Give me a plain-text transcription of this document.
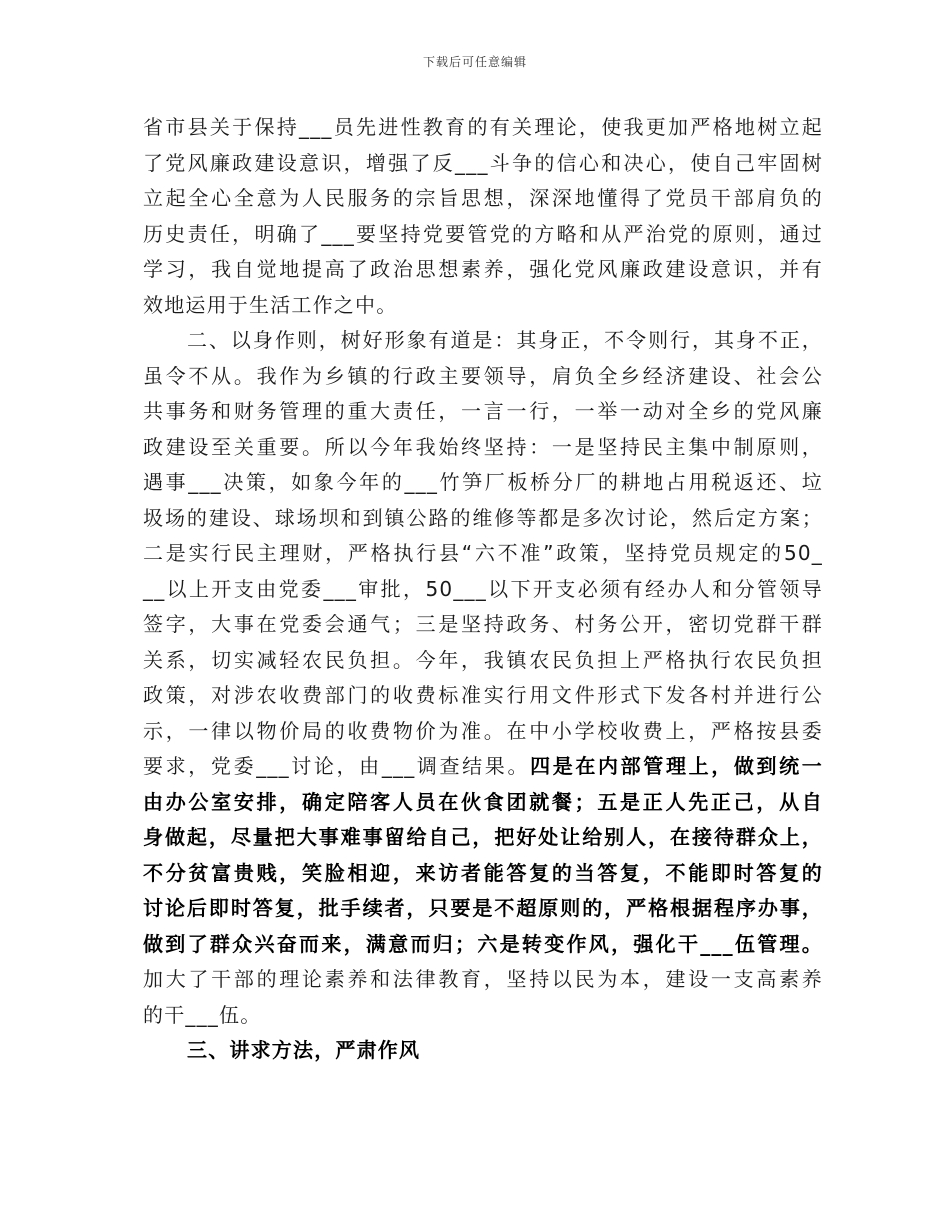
下载后可任意编辑
省市县关于保持___员先进性教育的有关理论，使我更加严格地树立起
了党风廉政建设意识，增强了反___斗争的信心和决心，使自己牢固树
立起全心全意为人民服务的宗旨思想，深深地懂得了党员干部肩负的
历史责任，明确了___要坚持党要管党的方略和从严治党的原则，通过
学习，我自觉地提高了政治思想素养，强化党风廉政建设意识，并有
效地运用于生活工作之中。
二、以身作则，树好形象有道是：其身正，不令则行，其身不正，
虽令不从。我作为乡镇的行政主要领导，肩负全乡经济建设、社会公
共事务和财务管理的重大责任，一言一行，一举一动对全乡的党风廉
政建设至关重要。所以今年我始终坚持：一是坚持民主集中制原则，
遇事___决策，如象今年的___竹笋厂板桥分厂的耕地占用税返还、垃
圾场的建设、球场坝和到镇公路的维修等都是多次讨论，然后定方案；
二是实行民主理财，严格执行县“六不准”政策，坚持党员规定的50_
__以上开支由党委___审批，50___以下开支必须有经办人和分管领导
签字，大事在党委会通气；三是坚持政务、村务公开，密切党群干群
关系，切实减轻农民负担。今年，我镇农民负担上严格执行农民负担
政策，对涉农收费部门的收费标准实行用文件形式下发各村并进行公
示，一律以物价局的收费物价为准。在中小学校收费上，严格按县委
要求，党委___讨论，由___调查结果。四是在内部管理上，做到统一
由办公室安排，确定陪客人员在伙食团就餐；五是正人先正己，从自
身做起，尽量把大事难事留给自己，把好处让给别人，在接待群众上，
不分贫富贵贱，笑脸相迎，来访者能答复的当答复，不能即时答复的
讨论后即时答复，批手续者，只要是不超原则的，严格根据程序办事，
做到了群众兴奋而来，满意而归；六是转变作风，强化干___伍管理。
加大了干部的理论素养和法律教育，坚持以民为本，建设一支高素养
的干___伍。
三、讲求方法，严肃作风
